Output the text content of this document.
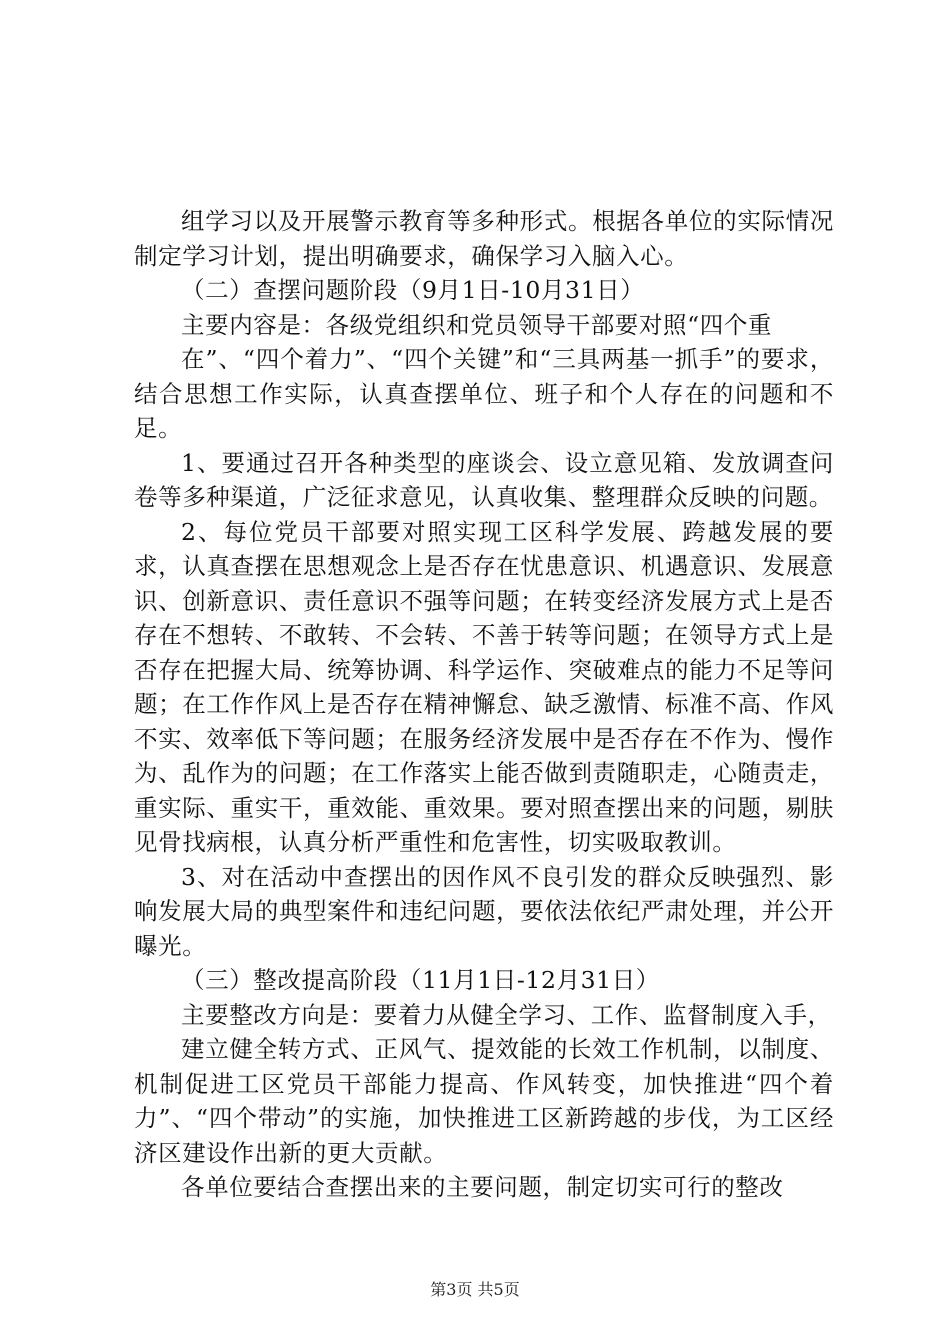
组学习以及开展警示教育等多种形式。根据各单位的实际情况制定学习计划，提出明确要求，确保学习入脑入心。

（二）查摆问题阶段（9月1日-10月31日）

主要内容是：各级党组织和党员领导干部要对照“四个重

在”、“四个着力”、“四个关键”和“三具两基一抓手”的要求，结合思想工作实际，认真查摆单位、班子和个人存在的问题和不足。

1、要通过召开各种类型的座谈会、设立意见箱、发放调查问卷等多种渠道，广泛征求意见，认真收集、整理群众反映的问题。

2、每位党员干部要对照实现工区科学发展、跨越发展的要求，认真查摆在思想观念上是否存在忧患意识、机遇意识、发展意识、创新意识、责任意识不强等问题；在转变经济发展方式上是否存在不想转、不敢转、不会转、不善于转等问题；在领导方式上是否存在把握大局、统筹协调、科学运作、突破难点的能力不足等问题；在工作作风上是否存在精神懈怠、缺乏激情、标准不高、作风不实、效率低下等问题；在服务经济发展中是否存在不作为、慢作为、乱作为的问题；在工作落实上能否做到责随职走，心随责走，重实际、重实干，重效能、重效果。要对照查摆出来的问题，剔肤见骨找病根，认真分析严重性和危害性，切实吸取教训。

3、对在活动中查摆出的因作风不良引发的群众反映强烈、影响发展大局的典型案件和违纪问题，要依法依纪严肃处理，并公开曝光。

（三）整改提高阶段（11月1日-12月31日）

主要整改方向是：要着力从健全学习、工作、监督制度入手，

建立健全转方式、正风气、提效能的长效工作机制，以制度、机制促进工区党员干部能力提高、作风转变，加快推进“四个着力”、“四个带动”的实施，加快推进工区新跨越的步伐，为工区经济区建设作出新的更大贡献。

各单位要结合查摆出来的主要问题，制定切实可行的整改

第3页 共5页
